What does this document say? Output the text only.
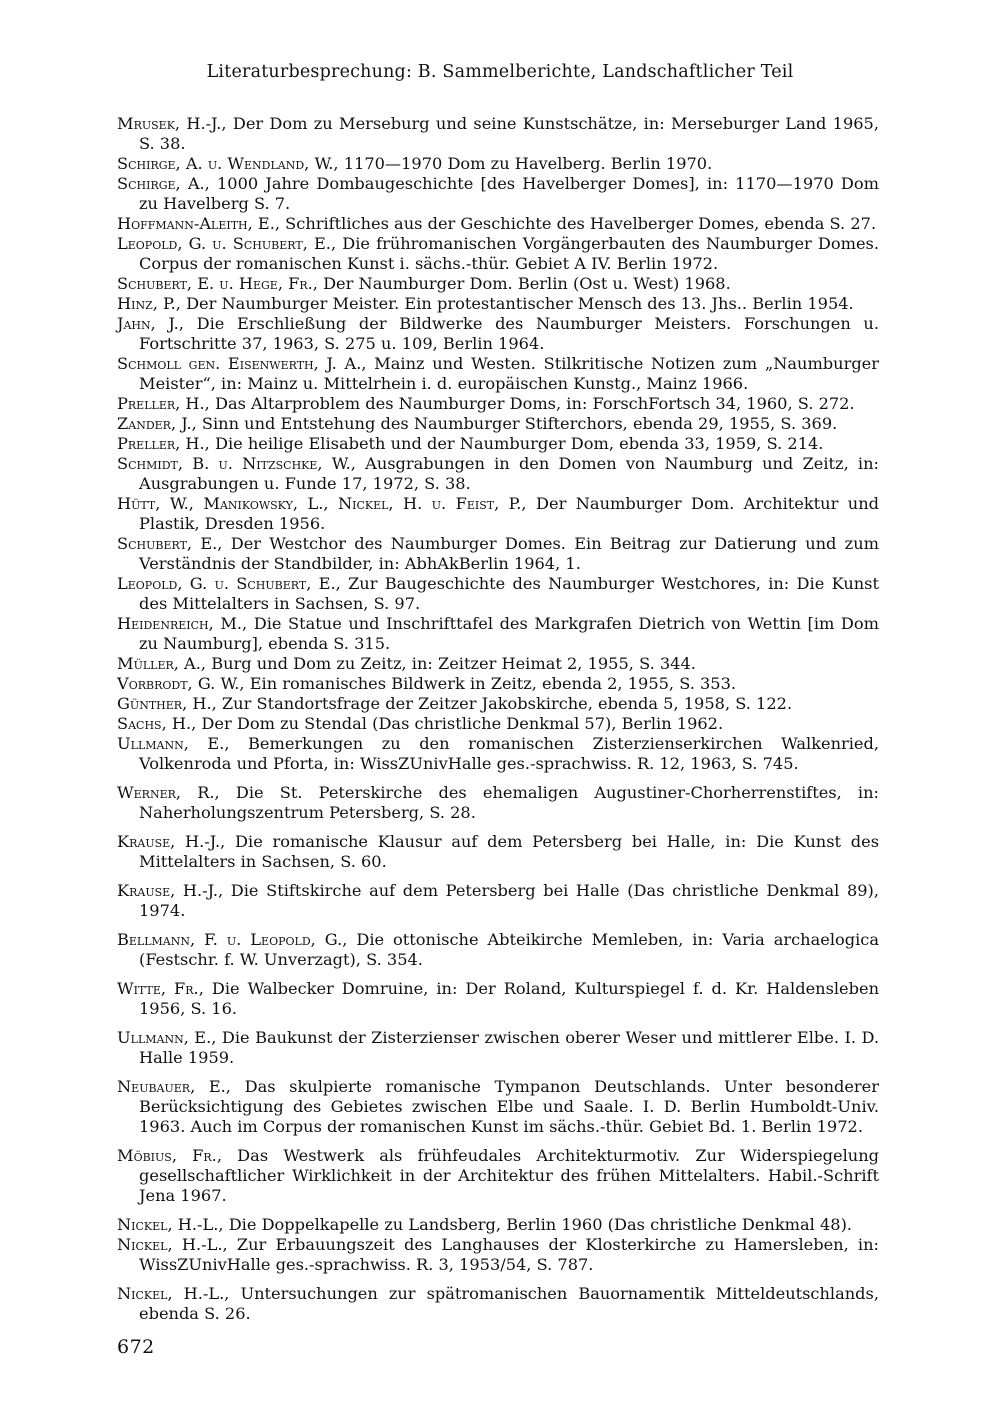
Literaturbesprechung: B. Sammelberichte, Landschaftlicher Teil

Mrusek, H.-J., Der Dom zu Merseburg und seine Kunstschätze, in: Merseburger Land 1965, S. 38.

Schirge, A. u. Wendland, W., 1170—1970 Dom zu Havelberg. Berlin 1970.

Schirge, A., 1000 Jahre Dombaugeschichte [des Havelberger Domes], in: 1170—1970 Dom zu Havelberg S. 7.

Hoffmann-Aleith, E., Schriftliches aus der Geschichte des Havelberger Domes, ebenda S. 27.

Leopold, G. u. Schubert, E., Die frühromanischen Vorgängerbauten des Naumburger Domes. Corpus der romanischen Kunst i. sächs.-thür. Gebiet A IV. Berlin 1972.

Schubert, E. u. Hege, Fr., Der Naumburger Dom. Berlin (Ost u. West) 1968.

Hinz, P., Der Naumburger Meister. Ein protestantischer Mensch des 13. Jhs.. Berlin 1954.

Jahn, J., Die Erschließung der Bildwerke des Naumburger Meisters. Forschungen u. Fortschritte 37, 1963, S. 275 u. 109, Berlin 1964.

Schmoll gen. Eisenwerth, J. A., Mainz und Westen. Stilkritische Notizen zum „Naumburger Meister“, in: Mainz u. Mittelrhein i. d. europäischen Kunstg., Mainz 1966.

Preller, H., Das Altarproblem des Naumburger Doms, in: ForschFortsch 34, 1960, S. 272.

Zander, J., Sinn und Entstehung des Naumburger Stifterchors, ebenda 29, 1955, S. 369.

Preller, H., Die heilige Elisabeth und der Naumburger Dom, ebenda 33, 1959, S. 214.

Schmidt, B. u. Nitzschke, W., Ausgrabungen in den Domen von Naumburg und Zeitz, in: Ausgrabungen u. Funde 17, 1972, S. 38.

Hütt, W., Manikowsky, L., Nickel, H. u. Feist, P., Der Naumburger Dom. Architektur und Plastik, Dresden 1956.

Schubert, E., Der Westchor des Naumburger Domes. Ein Beitrag zur Datierung und zum Verständnis der Standbilder, in: AbhAkBerlin 1964, 1.

Leopold, G. u. Schubert, E., Zur Baugeschichte des Naumburger Westchores, in: Die Kunst des Mittelalters in Sachsen, S. 97.

Heidenreich, M., Die Statue und Inschrifttafel des Markgrafen Dietrich von Wettin [im Dom zu Naumburg], ebenda S. 315.

Müller, A., Burg und Dom zu Zeitz, in: Zeitzer Heimat 2, 1955, S. 344.

Vorbrodt, G. W., Ein romanisches Bildwerk in Zeitz, ebenda 2, 1955, S. 353.

Günther, H., Zur Standortsfrage der Zeitzer Jakobskirche, ebenda 5, 1958, S. 122.

Sachs, H., Der Dom zu Stendal (Das christliche Denkmal 57), Berlin 1962.

Ullmann, E., Bemerkungen zu den romanischen Zisterzienserkirchen Walkenried, Volkenroda und Pforta, in: WissZUnivHalle ges.-sprachwiss. R. 12, 1963, S. 745.

Werner, R., Die St. Peterskirche des ehemaligen Augustiner-Chorherrenstiftes, in: Naherholungszentrum Petersberg, S. 28.

Krause, H.-J., Die romanische Klausur auf dem Petersberg bei Halle, in: Die Kunst des Mittelalters in Sachsen, S. 60.

Krause, H.-J., Die Stiftskirche auf dem Petersberg bei Halle (Das christliche Denkmal 89), 1974.

Bellmann, F. u. Leopold, G., Die ottonische Abteikirche Memleben, in: Varia archaelogica (Festschr. f. W. Unverzagt), S. 354.

Witte, Fr., Die Walbecker Domruine, in: Der Roland, Kulturspiegel f. d. Kr. Haldensleben 1956, S. 16.

Ullmann, E., Die Baukunst der Zisterzienser zwischen oberer Weser und mittlerer Elbe. I. D. Halle 1959.

Neubauer, E., Das skulpierte romanische Tympanon Deutschlands. Unter besonderer Berücksichtigung des Gebietes zwischen Elbe und Saale. I. D. Berlin Humboldt-Univ. 1963. Auch im Corpus der romanischen Kunst im sächs.-thür. Gebiet Bd. 1. Berlin 1972.

Möbius, Fr., Das Westwerk als frühfeudales Architekturmotiv. Zur Widerspiegelung gesellschaftlicher Wirklichkeit in der Architektur des frühen Mittelalters. Habil.-Schrift Jena 1967.

Nickel, H.-L., Die Doppelkapelle zu Landsberg, Berlin 1960 (Das christliche Denkmal 48).

Nickel, H.-L., Zur Erbauungszeit des Langhauses der Klosterkirche zu Hamersleben, in: WissZUnivHalle ges.-sprachwiss. R. 3, 1953/54, S. 787.

Nickel, H.-L., Untersuchungen zur spätromanischen Bauornamentik Mitteldeutschlands, ebenda S. 26.

672
